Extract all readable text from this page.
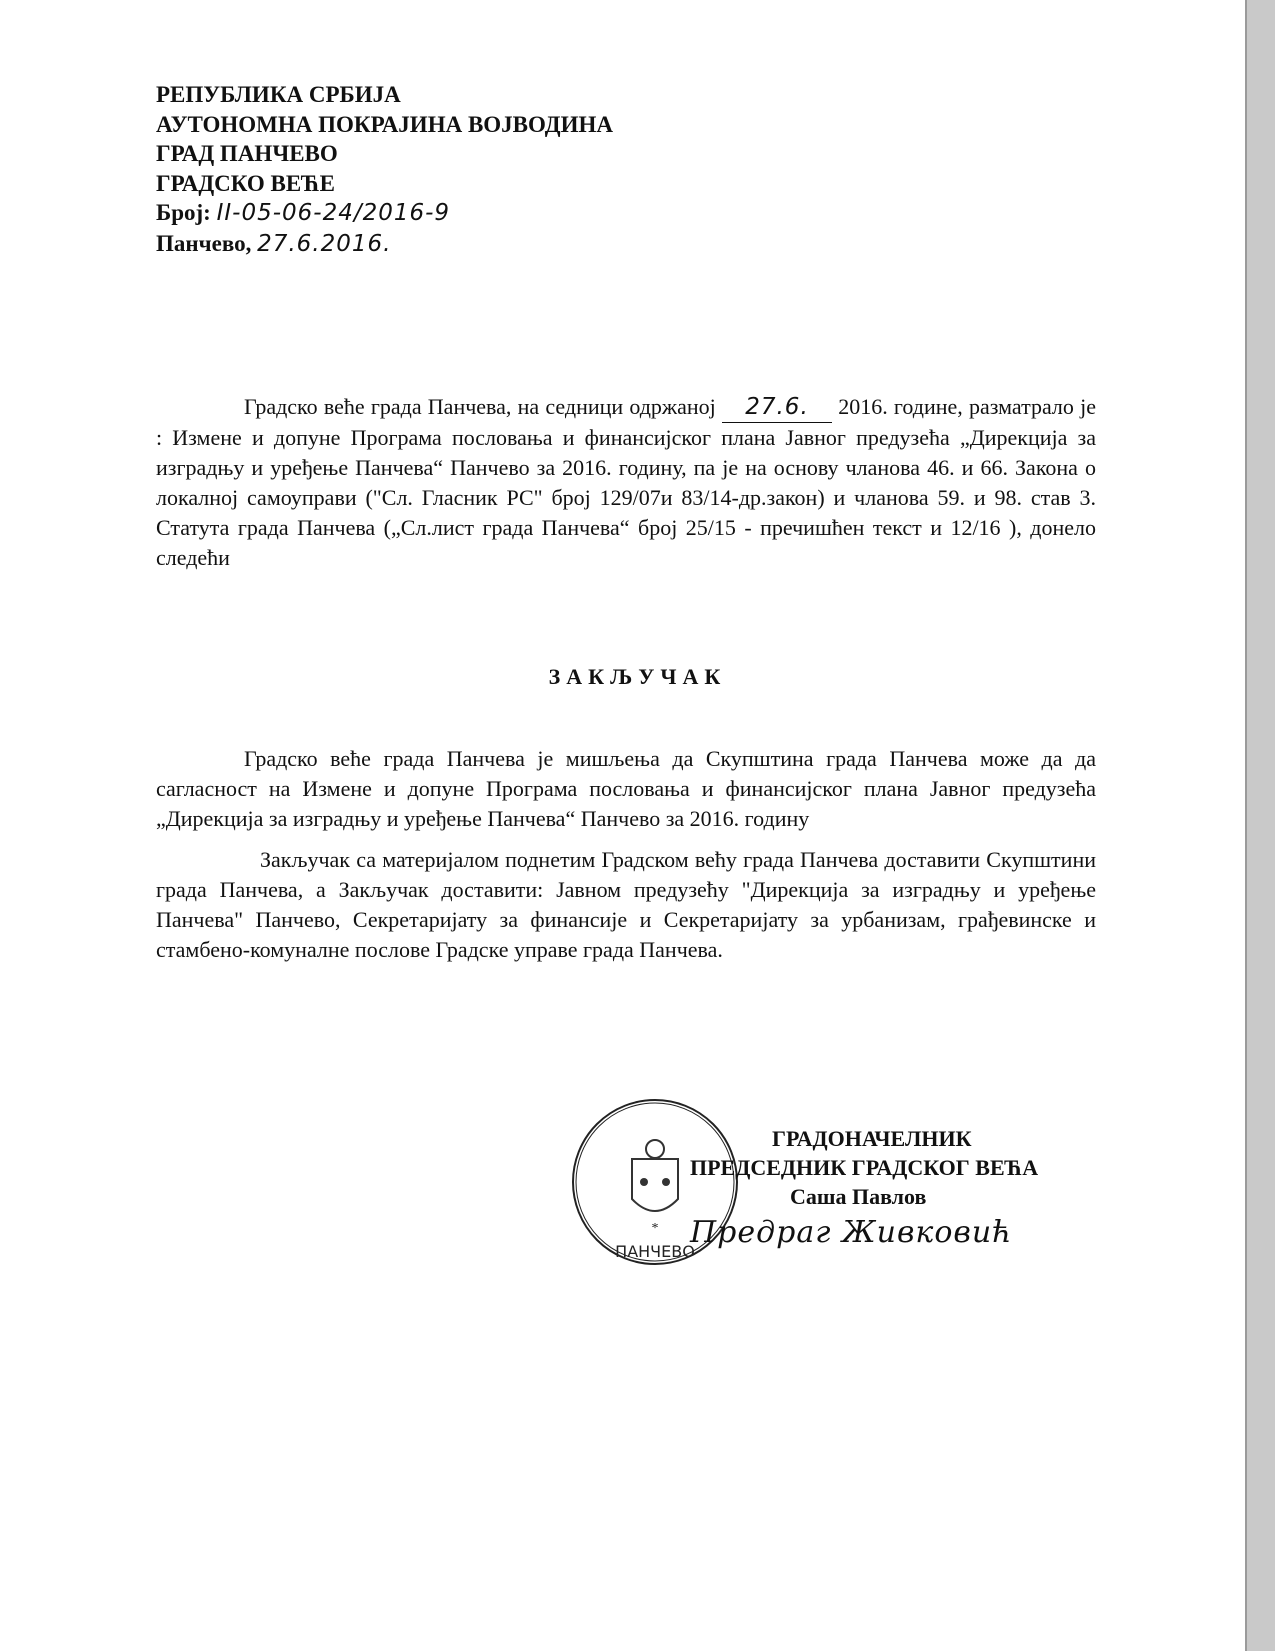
РЕПУБЛИКА СРБИЈА
АУТОНОМНА ПОКРАЈИНА ВОЈВОДИНА
ГРАД ПАНЧЕВО
ГРАДСКО ВЕЋЕ
Број: II-05-06-24/2016-9
Панчево, 27.6.2016.

Градско веће града Панчева, на седници одржаној 27.6. 2016. године, разматрало је : Измене и допуне Програма пословања и финансијског плана Јавног предузећа „Дирекција за изградњу и уређење Панчева“ Панчево за 2016. годину, па је на основу чланова 46. и 66. Закона о локалној самоуправи ("Сл. Гласник РС" број 129/07и 83/14-др.закон) и чланова 59. и 98. став 3. Статута града Панчева („Сл.лист града Панчева“ број 25/15 - пречишћен текст и 12/16 ), донело следећи

ЗАКЉУЧАК

Градско веће града Панчева је мишљења да Скупштина града Панчева може да да сагласност на Измене и допуне Програма пословања и финансијског плана Јавног предузећа „Дирекција за изградњу и уређење Панчева“ Панчево за 2016. годину

Закључак са материјалом поднетим Градском већу града Панчева доставити Скупштини града Панчева, а Закључак доставити: Јавном предузећу "Дирекција за изградњу и уређење Панчева" Панчево, Секретаријату за финансије и Секретаријату за урбанизам, грађевинске и стамбено-комуналне послове Градске управе града Панчева.

*
ПАНЧЕВО
ГРАДОНАЧЕЛНИК
ПРЕДСЕДНИК ГРАДСКОГ ВЕЋА
Саша Павлов
Предраг Живковић
